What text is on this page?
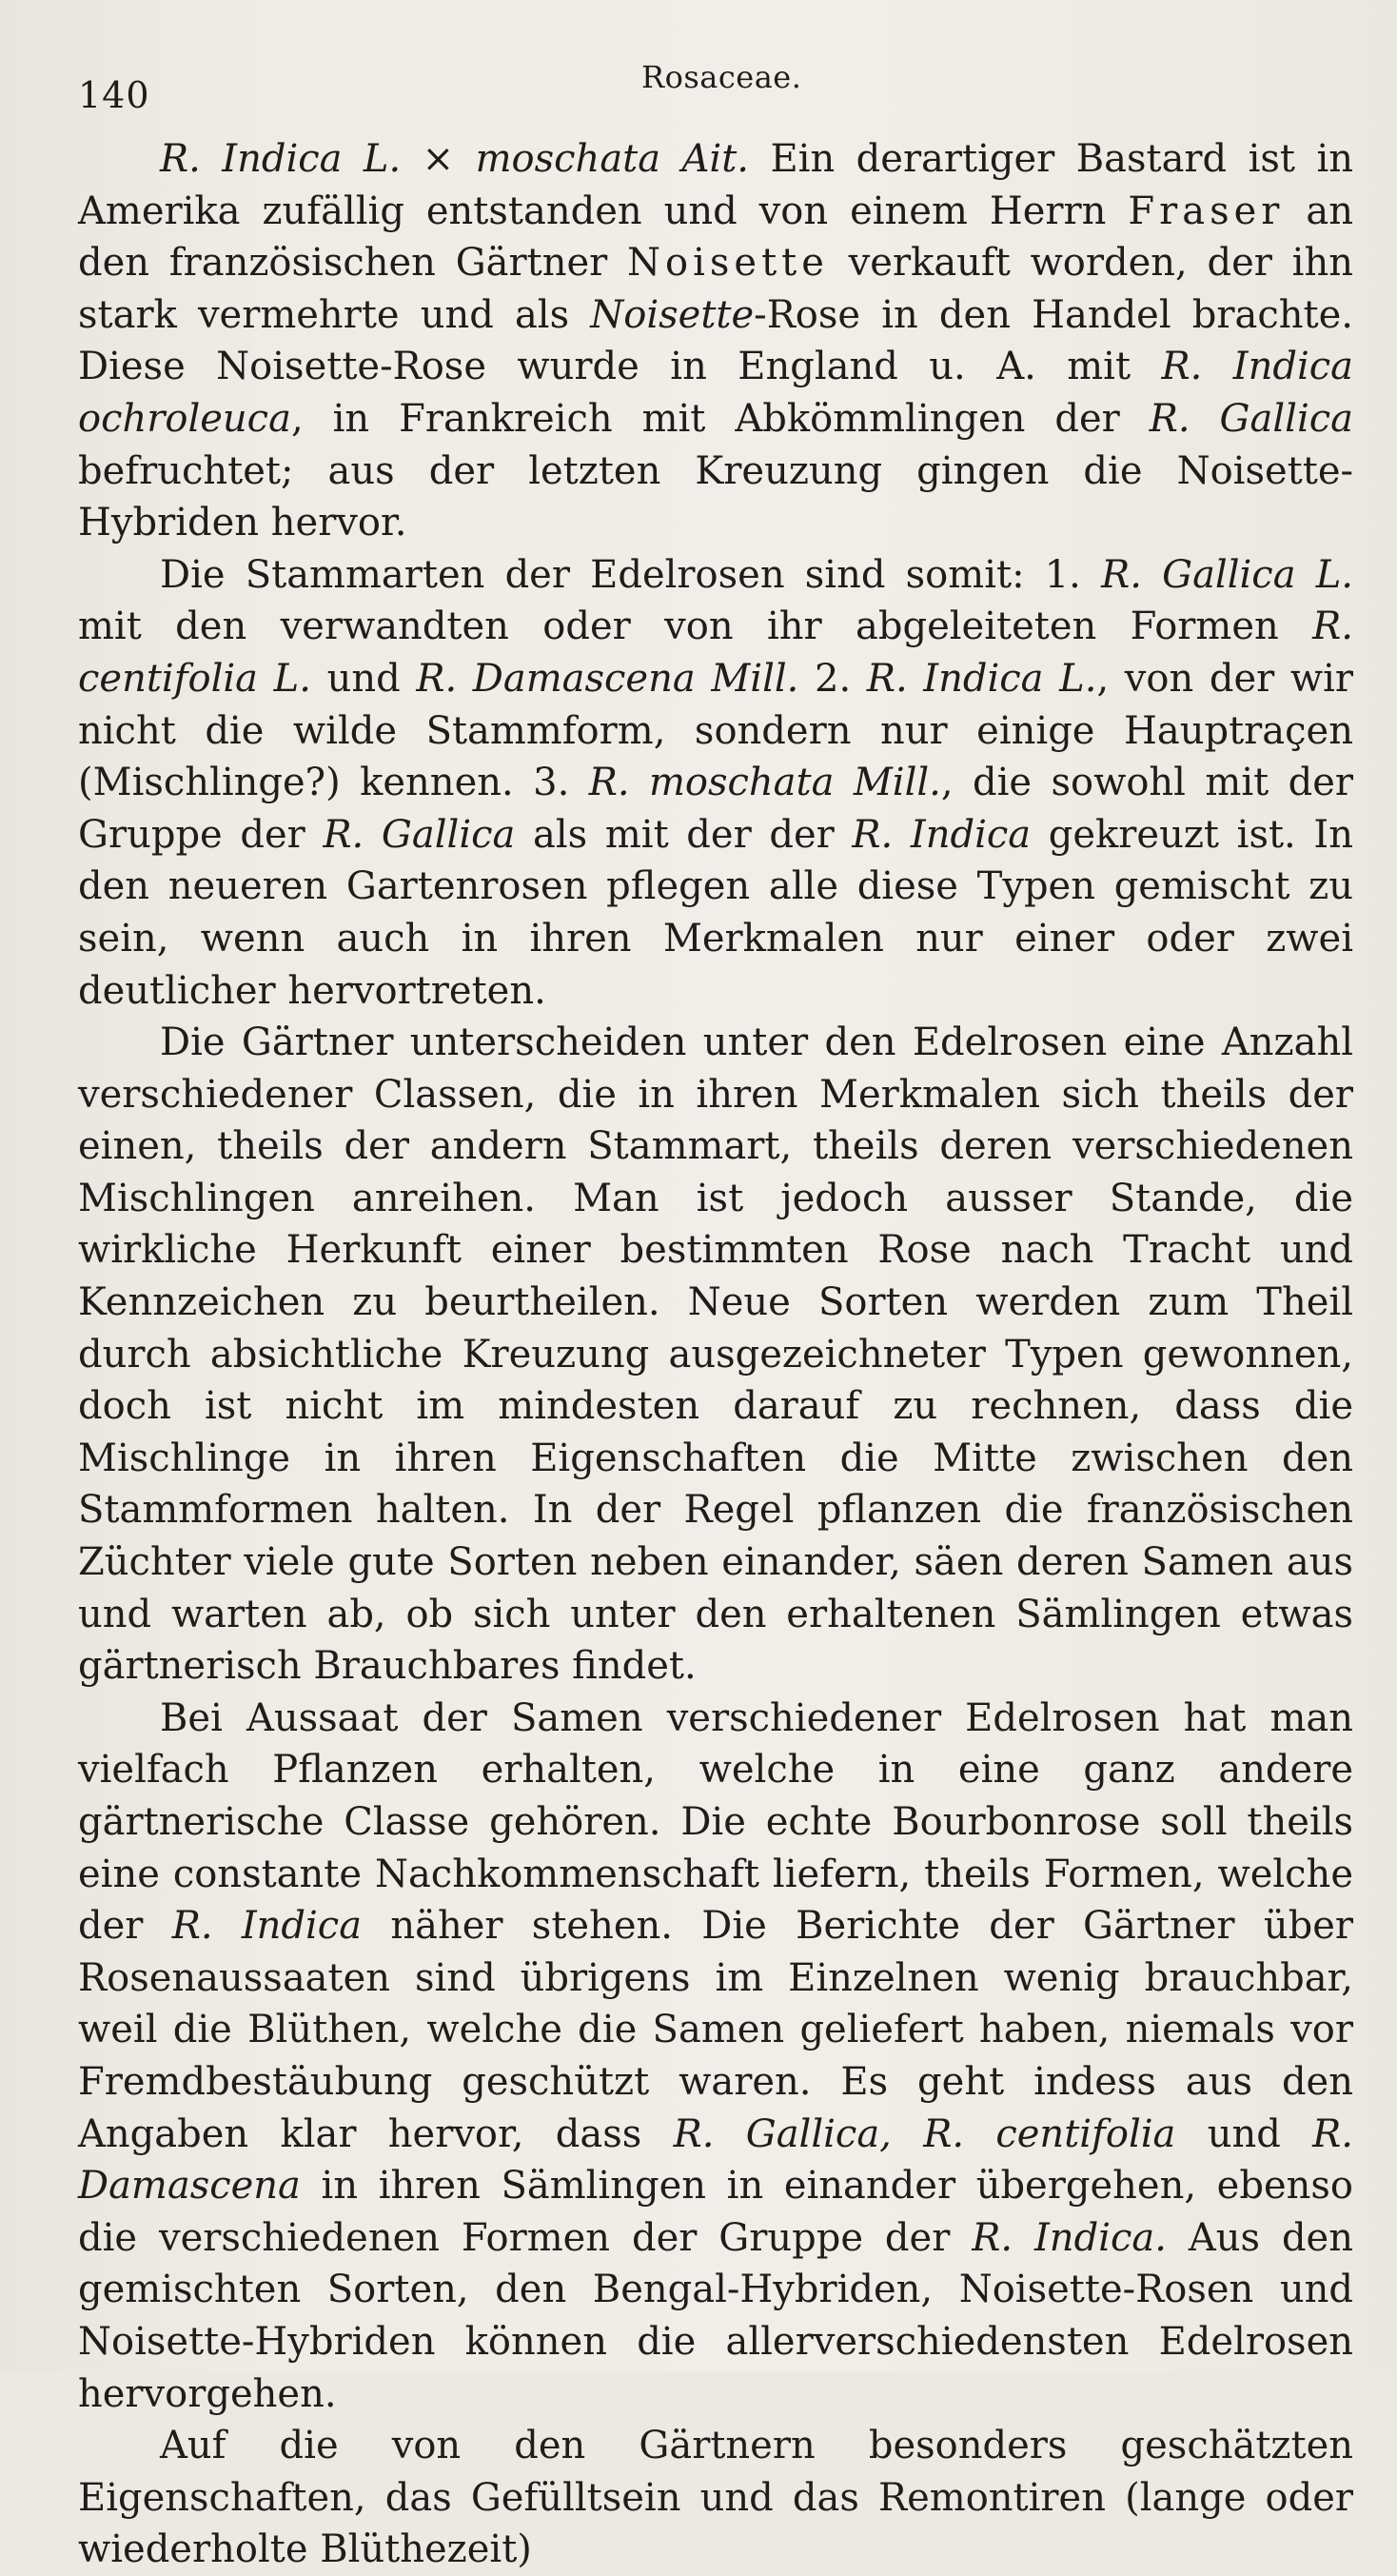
140	Rosaceae.

R. Indica L. × moschata Ait. Ein derartiger Bastard ist in Amerika zufällig entstanden und von einem Herrn Fraser an den französischen Gärtner Noisette verkauft worden, der ihn stark vermehrte und als Noisette-Rose in den Handel brachte. Diese Noisette-Rose wurde in England u. A. mit R. Indica ochroleuca, in Frankreich mit Abkömmlingen der R. Gallica befruchtet; aus der letzten Kreuzung gingen die Noisette-Hybriden hervor.

Die Stammarten der Edelrosen sind somit: 1. R. Gallica L. mit den verwandten oder von ihr abgeleiteten Formen R. centifolia L. und R. Damascena Mill. 2. R. Indica L., von der wir nicht die wilde Stammform, sondern nur einige Hauptraçen (Mischlinge?) kennen. 3. R. moschata Mill., die sowohl mit der Gruppe der R. Gallica als mit der der R. Indica gekreuzt ist. In den neueren Gartenrosen pflegen alle diese Typen gemischt zu sein, wenn auch in ihren Merkmalen nur einer oder zwei deutlicher hervortreten.

Die Gärtner unterscheiden unter den Edelrosen eine Anzahl verschiedener Classen, die in ihren Merkmalen sich theils der einen, theils der andern Stammart, theils deren verschiedenen Mischlingen anreihen. Man ist jedoch ausser Stande, die wirkliche Herkunft einer bestimmten Rose nach Tracht und Kennzeichen zu beurtheilen. Neue Sorten werden zum Theil durch absichtliche Kreuzung ausgezeichneter Typen gewonnen, doch ist nicht im mindesten darauf zu rechnen, dass die Mischlinge in ihren Eigenschaften die Mitte zwischen den Stammformen halten. In der Regel pflanzen die französischen Züchter viele gute Sorten neben einander, säen deren Samen aus und warten ab, ob sich unter den erhaltenen Sämlingen etwas gärtnerisch Brauchbares findet.

Bei Aussaat der Samen verschiedener Edelrosen hat man vielfach Pflanzen erhalten, welche in eine ganz andere gärtnerische Classe gehören. Die echte Bourbonrose soll theils eine constante Nachkommenschaft liefern, theils Formen, welche der R. Indica näher stehen. Die Berichte der Gärtner über Rosenaussaaten sind übrigens im Einzelnen wenig brauchbar, weil die Blüthen, welche die Samen geliefert haben, niemals vor Fremdbestäubung geschützt waren. Es geht indess aus den Angaben klar hervor, dass R. Gallica, R. centifolia und R. Damascena in ihren Sämlingen in einander übergehen, ebenso die verschiedenen Formen der Gruppe der R. Indica. Aus den gemischten Sorten, den Bengal-Hybriden, Noisette-Rosen und Noisette-Hybriden können die allerverschiedensten Edelrosen hervorgehen.

Auf die von den Gärtnern besonders geschätzten Eigenschaften, das Gefülltsein und das Remontiren (lange oder wiederholte Blüthezeit)
